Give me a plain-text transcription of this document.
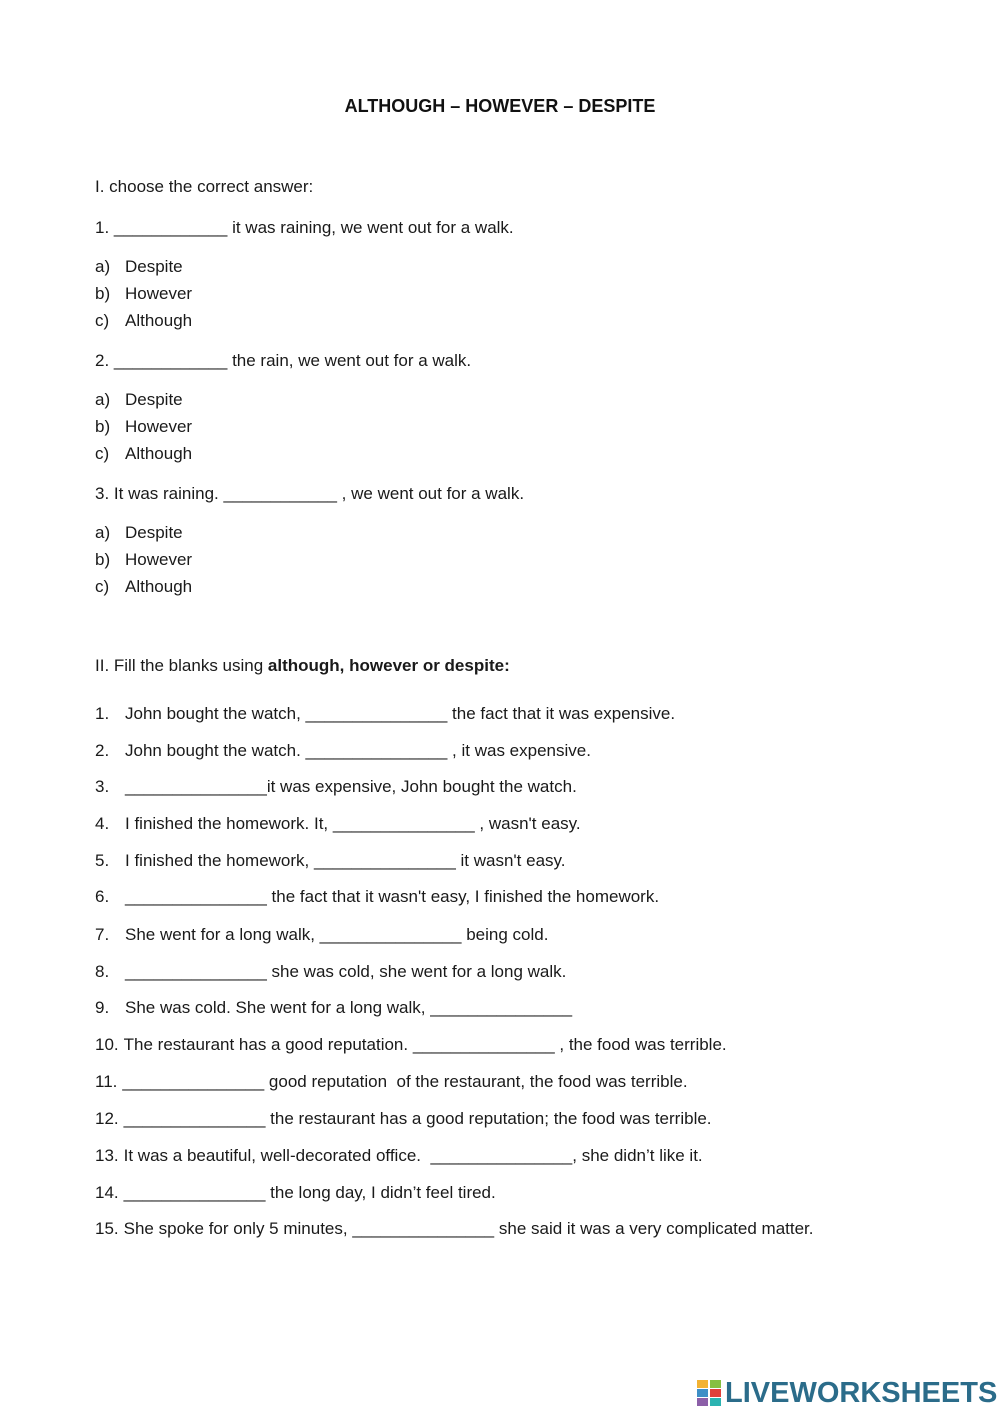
ALTHOUGH – HOWEVER – DESPITE
I. choose the correct answer:
1. ____________ it was raining, we went out for a walk.
a) Despite
b) However
c) Although
2. ____________ the rain, we went out for a walk.
a) Despite
b) However
c) Although
3. It was raining. ____________ , we went out for a walk.
a) Despite
b) However
c) Although
II. Fill the blanks using although, however or despite:
1. John bought the watch, _______________ the fact that it was expensive.
2. John bought the watch. _______________ , it was expensive.
3. _______________it was expensive, John bought the watch.
4. I finished the homework. It, _______________ , wasn't easy.
5. I finished the homework, _______________ it wasn't easy.
6. _______________ the fact that it wasn't easy, I finished the homework.
7. She went for a long walk, _______________ being cold.
8. _______________ she was cold, she went for a long walk.
9. She was cold. She went for a long walk, _______________
10. The restaurant has a good reputation. _______________ , the food was terrible.
11. _______________ good reputation  of the restaurant, the food was terrible.
12. _______________ the restaurant has a good reputation; the food was terrible.
13. It was a beautiful, well-decorated office.  _______________, she didn’t like it.
14. _______________ the long day, I didn’t feel tired.
15. She spoke for only 5 minutes, _______________ she said it was a very complicated matter.
LIVEWORKSHEETS
